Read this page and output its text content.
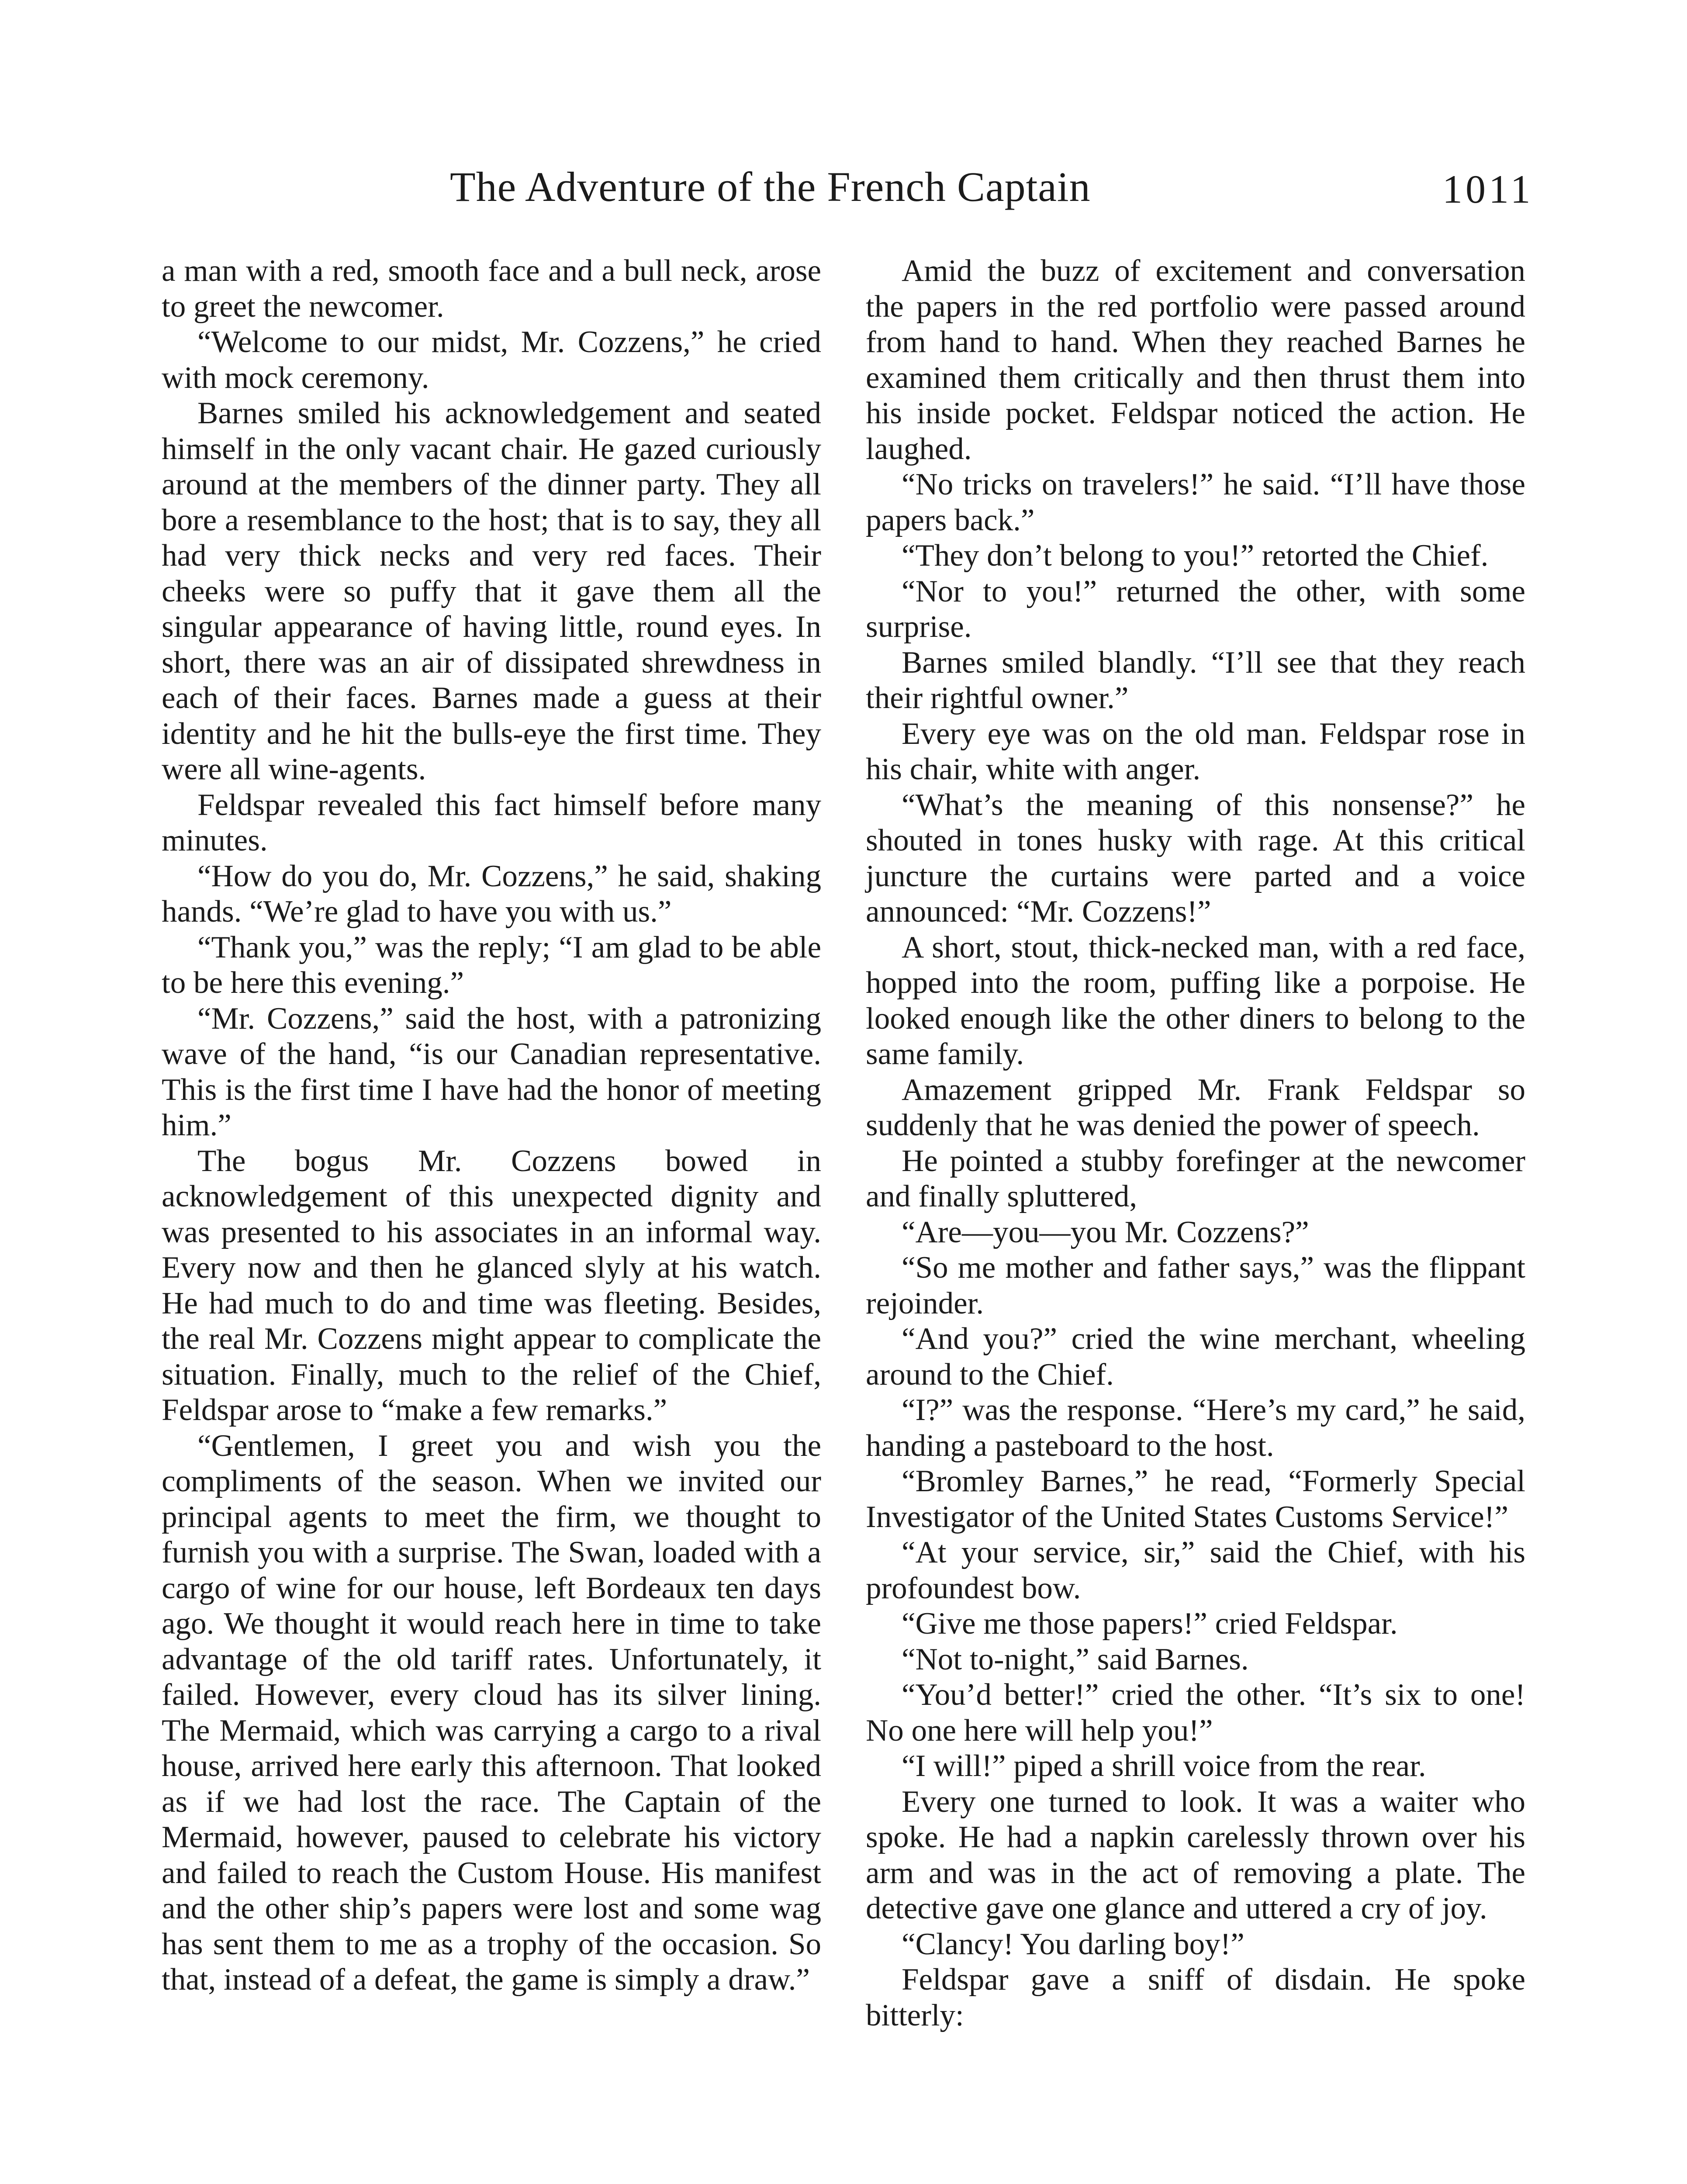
The Adventure of the French Captain	1011

a man with a red, smooth face and a bull neck, arose to greet the newcomer.

“Welcome to our midst, Mr. Cozzens,” he cried with mock ceremony.

Barnes smiled his acknowledgement and seated himself in the only vacant chair. He gazed curiously around at the members of the dinner party. They all bore a resemblance to the host; that is to say, they all had very thick necks and very red faces. Their cheeks were so puffy that it gave them all the singular appearance of having little, round eyes. In short, there was an air of dissipated shrewdness in each of their faces. Barnes made a guess at their identity and he hit the bulls-eye the first time. They were all wine-agents.

Feldspar revealed this fact himself before many minutes.

“How do you do, Mr. Cozzens,” he said, shaking hands. “We’re glad to have you with us.”

“Thank you,” was the reply; “I am glad to be able to be here this evening.”

“Mr. Cozzens,” said the host, with a patronizing wave of the hand, “is our Canadian representative. This is the first time I have had the honor of meeting him.”

The bogus Mr. Cozzens bowed in acknowledgement of this unexpected dignity and was presented to his associates in an informal way. Every now and then he glanced slyly at his watch. He had much to do and time was fleeting. Besides, the real Mr. Cozzens might appear to complicate the situation. Finally, much to the relief of the Chief, Feldspar arose to “make a few remarks.”

“Gentlemen, I greet you and wish you the compliments of the season. When we invited our principal agents to meet the firm, we thought to furnish you with a surprise. The Swan, loaded with a cargo of wine for our house, left Bordeaux ten days ago. We thought it would reach here in time to take advantage of the old tariff rates. Unfortunately, it failed. However, every cloud has its silver lining. The Mermaid, which was carrying a cargo to a rival house, arrived here early this afternoon. That looked as if we had lost the race. The Captain of the Mermaid, however, paused to celebrate his victory and failed to reach the Custom House. His manifest and the other ship’s papers were lost and some wag has sent them to me as a trophy of the occasion. So that, instead of a defeat, the game is simply a draw.”

Amid the buzz of excitement and conversation the papers in the red portfolio were passed around from hand to hand. When they reached Barnes he examined them critically and then thrust them into his inside pocket. Feldspar noticed the action. He laughed.

“No tricks on travelers!” he said. “I’ll have those papers back.”

“They don’t belong to you!” retorted the Chief.

“Nor to you!” returned the other, with some surprise.

Barnes smiled blandly. “I’ll see that they reach their rightful owner.”

Every eye was on the old man. Feldspar rose in his chair, white with anger.

“What’s the meaning of this nonsense?” he shouted in tones husky with rage. At this critical juncture the curtains were parted and a voice announced: “Mr. Cozzens!”

A short, stout, thick-necked man, with a red face, hopped into the room, puffing like a porpoise. He looked enough like the other diners to belong to the same family.

Amazement gripped Mr. Frank Feldspar so suddenly that he was denied the power of speech.

He pointed a stubby forefinger at the newcomer and finally spluttered,

“Are—you—you Mr. Cozzens?”

“So me mother and father says,” was the flippant rejoinder.

“And you?” cried the wine merchant, wheeling around to the Chief.

“I?” was the response. “Here’s my card,” he said, handing a pasteboard to the host.

“Bromley Barnes,” he read, “Formerly Special Investigator of the United States Customs Service!”

“At your service, sir,” said the Chief, with his profoundest bow.

“Give me those papers!” cried Feldspar.

“Not to-night,” said Barnes.

“You’d better!” cried the other. “It’s six to one! No one here will help you!”

“I will!” piped a shrill voice from the rear.

Every one turned to look. It was a waiter who spoke. He had a napkin carelessly thrown over his arm and was in the act of removing a plate. The detective gave one glance and uttered a cry of joy.

“Clancy! You darling boy!”

Feldspar gave a sniff of disdain. He spoke bitterly:
